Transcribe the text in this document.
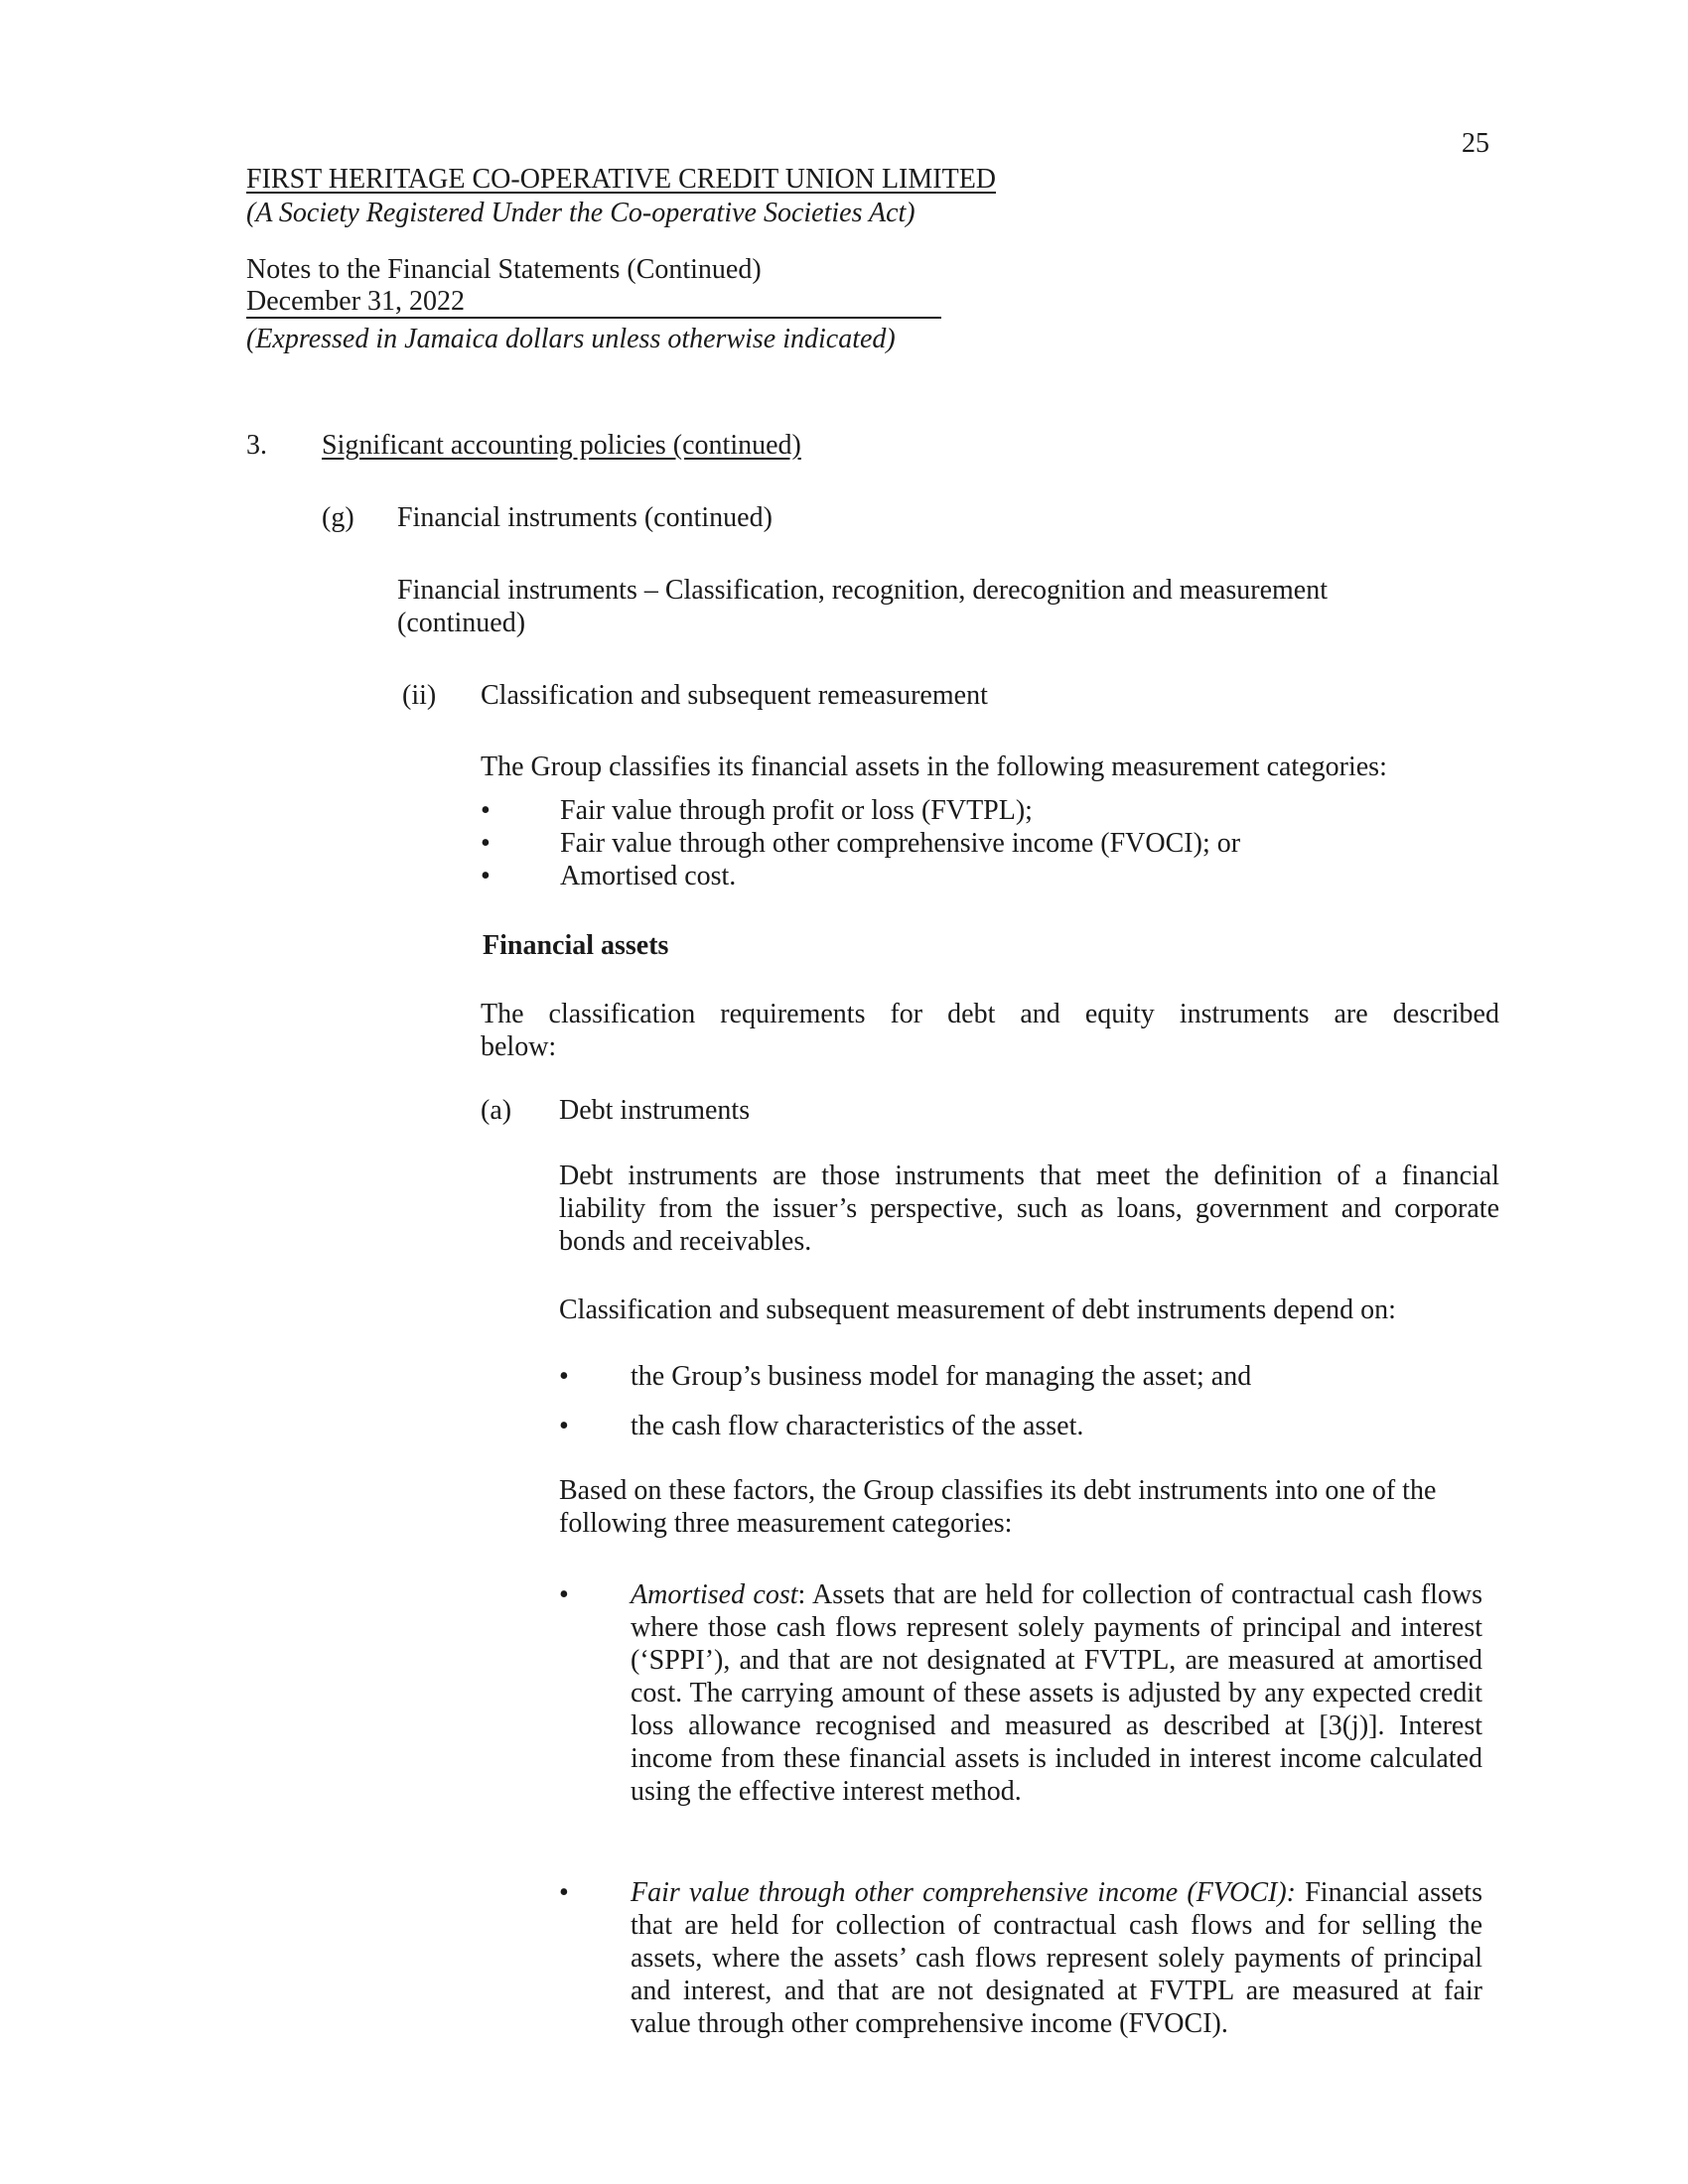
25
FIRST HERITAGE CO-OPERATIVE CREDIT UNION LIMITED
(A Society Registered Under the Co-operative Societies Act)
Notes to the Financial Statements (Continued)
December 31, 2022
(Expressed in Jamaica dollars unless otherwise indicated)
3. Significant accounting policies (continued)
(g) Financial instruments (continued)
Financial instruments – Classification, recognition, derecognition and measurement (continued)
(ii) Classification and subsequent remeasurement
The Group classifies its financial assets in the following measurement categories:
•	Fair value through profit or loss (FVTPL);
•	Fair value through other comprehensive income (FVOCI); or
•	Amortised cost.
Financial assets
The classification requirements for debt and equity instruments are described
below:
(a) Debt instruments
Debt instruments are those instruments that meet the definition of a financial liability from the issuer’s perspective, such as loans, government and corporate bonds and receivables.
Classification and subsequent measurement of debt instruments depend on:
• the Group’s business model for managing the asset; and
• the cash flow characteristics of the asset.
Based on these factors, the Group classifies its debt instruments into one of the following three measurement categories:
• Amortised cost: Assets that are held for collection of contractual cash flows where those cash flows represent solely payments of principal and interest (‘SPPI’), and that are not designated at FVTPL, are measured at amortised cost. The carrying amount of these assets is adjusted by any expected credit loss allowance recognised and measured as described at [3(j)]. Interest income from these financial assets is included in interest income calculated using the effective interest method.
• Fair value through other comprehensive income (FVOCI): Financial assets that are held for collection of contractual cash flows and for selling the assets, where the assets’ cash flows represent solely payments of principal and interest, and that are not designated at FVTPL are measured at fair value through other comprehensive income (FVOCI).
